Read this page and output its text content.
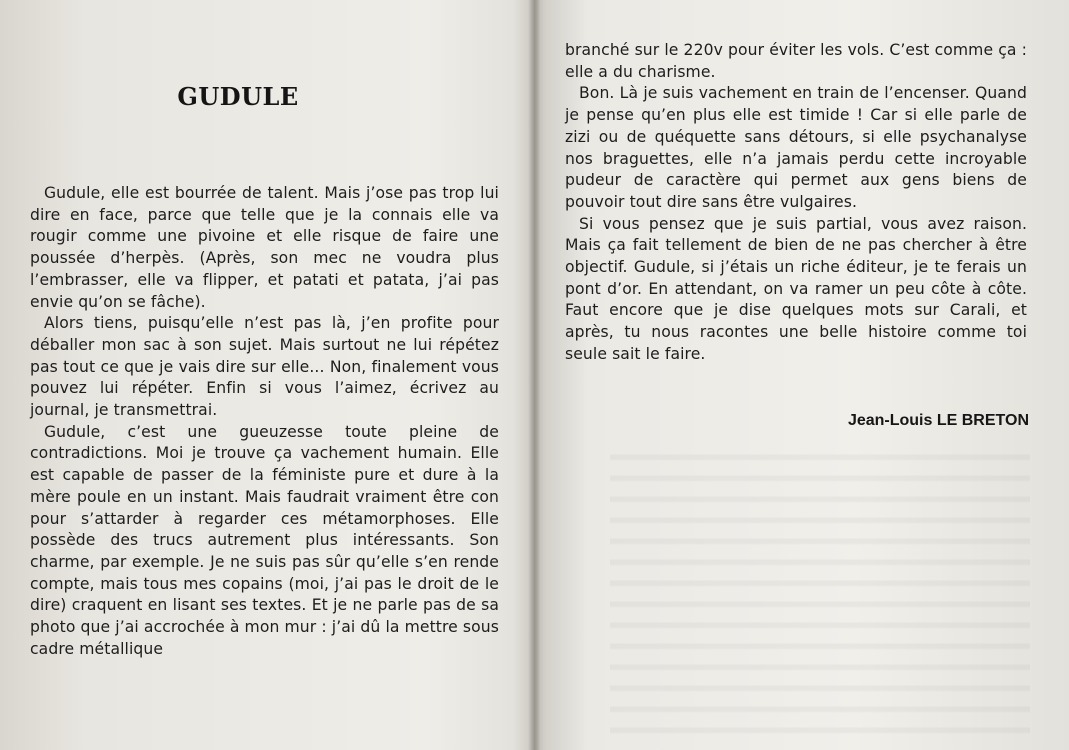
GUDULE

Gudule, elle est bourrée de talent. Mais j’ose pas trop lui dire en face, parce que telle que je la connais elle va rougir comme une pivoine et elle risque de faire une poussée d’herpès. (Après, son mec ne voudra plus l’embrasser, elle va flipper, et patati et patata, j’ai pas envie qu’on se fâche).

Alors tiens, puisqu’elle n’est pas là, j’en profite pour déballer mon sac à son sujet. Mais surtout ne lui répétez pas tout ce que je vais dire sur elle... Non, finalement vous pouvez lui répéter. Enfin si vous l’aimez, écrivez au journal, je transmettrai.

Gudule, c’est une gueuzesse toute pleine de contradictions. Moi je trouve ça vachement humain. Elle est capable de passer de la féministe pure et dure à la mère poule en un instant. Mais faudrait vraiment être con pour s’attarder à regarder ces métamorphoses. Elle possède des trucs autrement plus intéressants. Son charme, par exemple. Je ne suis pas sûr qu’elle s’en rende compte, mais tous mes copains (moi, j’ai pas le droit de le dire) craquent en lisant ses textes. Et je ne parle pas de sa photo que j’ai accrochée à mon mur : j’ai dû la mettre sous cadre métallique

branché sur le 220v pour éviter les vols. C’est comme ça : elle a du charisme.

Bon. Là je suis vachement en train de l’encenser. Quand je pense qu’en plus elle est timide ! Car si elle parle de zizi ou de quéquette sans détours, si elle psychanalyse nos braguettes, elle n’a jamais perdu cette incroyable pudeur de caractère qui permet aux gens biens de pouvoir tout dire sans être vulgaires.

Si vous pensez que je suis partial, vous avez raison. Mais ça fait tellement de bien de ne pas chercher à être objectif. Gudule, si j’étais un riche éditeur, je te ferais un pont d’or. En attendant, on va ramer un peu côte à côte. Faut encore que je dise quelques mots sur Carali, et après, tu nous racontes une belle histoire comme toi seule sait le faire.

Jean-Louis LE BRETON
